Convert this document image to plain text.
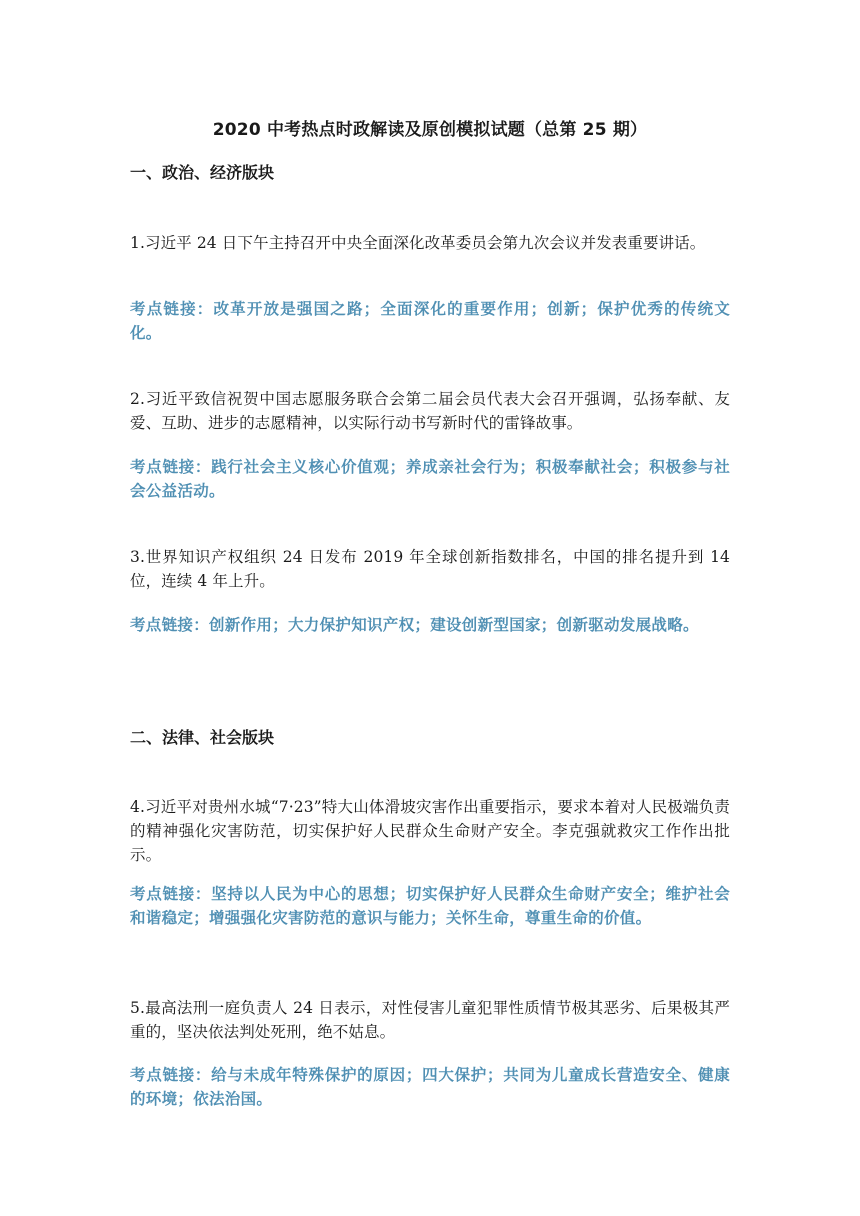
2020 中考热点时政解读及原创模拟试题（总第 25 期）
一、政治、经济版块

1.习近平 24 日下午主持召开中央全面深化改革委员会第九次会议并发表重要讲话。

考点链接：改革开放是强国之路；全面深化的重要作用；创新；保护优秀的传统文化。

2.习近平致信祝贺中国志愿服务联合会第二届会员代表大会召开强调，弘扬奉献、友爱、互助、进步的志愿精神，以实际行动书写新时代的雷锋故事。

考点链接：践行社会主义核心价值观；养成亲社会行为；积极奉献社会；积极参与社会公益活动。

3.世界知识产权组织 24 日发布 2019 年全球创新指数排名，中国的排名提升到 14 位，连续 4 年上升。

考点链接：创新作用；大力保护知识产权；建设创新型国家；创新驱动发展战略。

二、法律、社会版块

4.习近平对贵州水城“7·23”特大山体滑坡灾害作出重要指示，要求本着对人民极端负责的精神强化灾害防范，切实保护好人民群众生命财产安全。李克强就救灾工作作出批示。

考点链接：坚持以人民为中心的思想；切实保护好人民群众生命财产安全；维护社会和谐稳定；增强强化灾害防范的意识与能力；关怀生命，尊重生命的价值。

5.最高法刑一庭负责人 24 日表示，对性侵害儿童犯罪性质情节极其恶劣、后果极其严重的，坚决依法判处死刑，绝不姑息。

考点链接：给与未成年特殊保护的原因；四大保护；共同为儿童成长营造安全、健康的环境；依法治国。
